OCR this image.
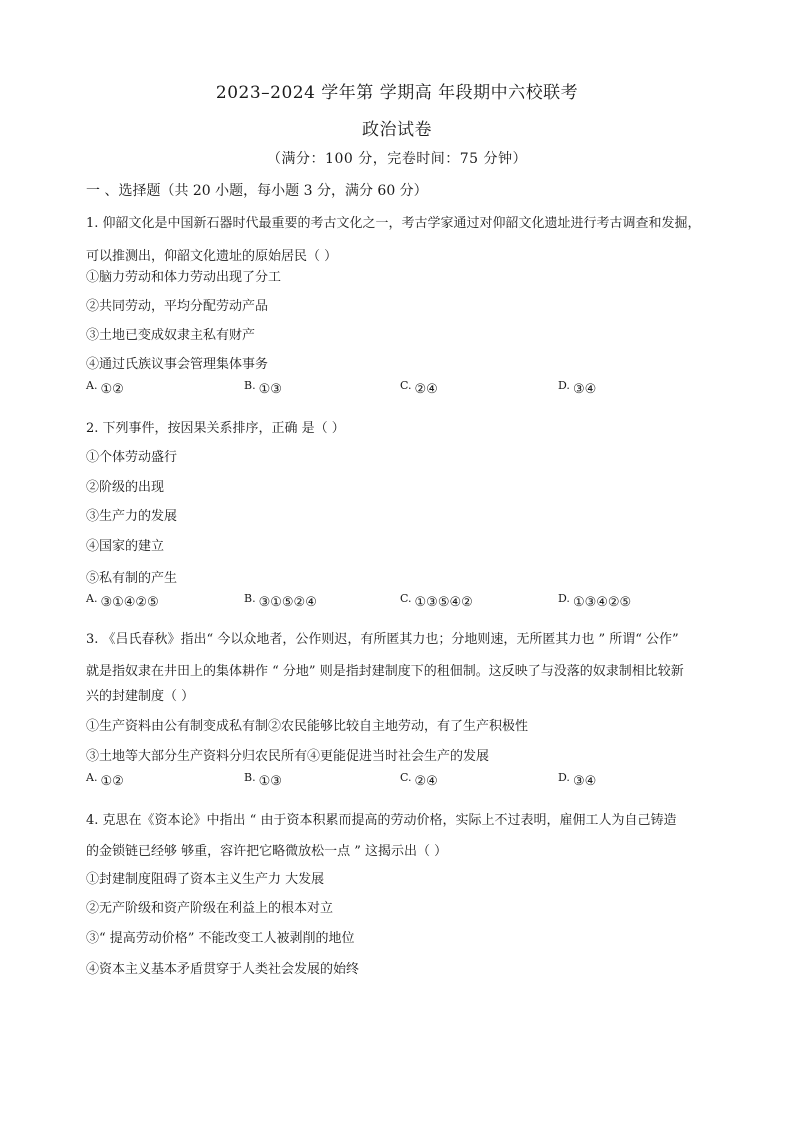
2023–2024 学年第 学期高 年段期中六校联考
政治试卷
（满分：100 分，完卷时间：75 分钟）
一 、选择题（共 20 小题，每小题 3 分，满分 60 分）
1. 仰韶文化是中国新石器时代最重要的考古文化之一，考古学家通过对仰韶文化遗址进行考古调查和发掘，
可以推测出，仰韶文化遗址的原始居民（ ）
①脑力劳动和体力劳动出现了分工
②共同劳动，平均分配劳动产品
③土地已变成奴隶主私有财产
④通过氏族议事会管理集体事务
$^{A.}$ ①②	$^{B.}$ ①③	$^{C.}$ ②④	$^{D.}$ ③④
2. 下列事件，按因果关系排序，正确 是（ ）
①个体劳动盛行
②阶级的出现
③生产力的发展
④国家的建立
⑤私有制的产生
$^{A.}$ ③①④②⑤	$^{B.}$ ③①⑤②④	$^{C.}$ ①③⑤④②	$^{D.}$ ①③④②⑤
3. 《吕氏春秋》指出“ 今以众地者，公作则迟，有所匿其力也；分地则速，无所匿其力也 ” 所谓“ 公作”
就是指奴隶在井田上的集体耕作 “ 分地” 则是指封建制度下的租佃制。这反映了与没落的奴隶制相比较新
兴的封建制度（ ）
①生产资料由公有制变成私有制②农民能够比较自主地劳动，有了生产积极性
③土地等大部分生产资料分归农民所有④更能促进当时社会生产的发展
$^{A.}$ ①②	$^{B.}$ ①③	$^{C.}$ ②④	$^{D.}$ ③④
4. 克思在《资本论》中指出 “ 由于资本积累而提高的劳动价格，实际上不过表明，雇佣工人为自己铸造
的金锁链已经够 够重，容许把它略微放松一点 ” 这揭示出（ ）
①封建制度阻碍了资本主义生产力 大发展
②无产阶级和资产阶级在利益上的根本对立
③“ 提高劳动价格” 不能改变工人被剥削的地位
④资本主义基本矛盾贯穿于人类社会发展的始终
